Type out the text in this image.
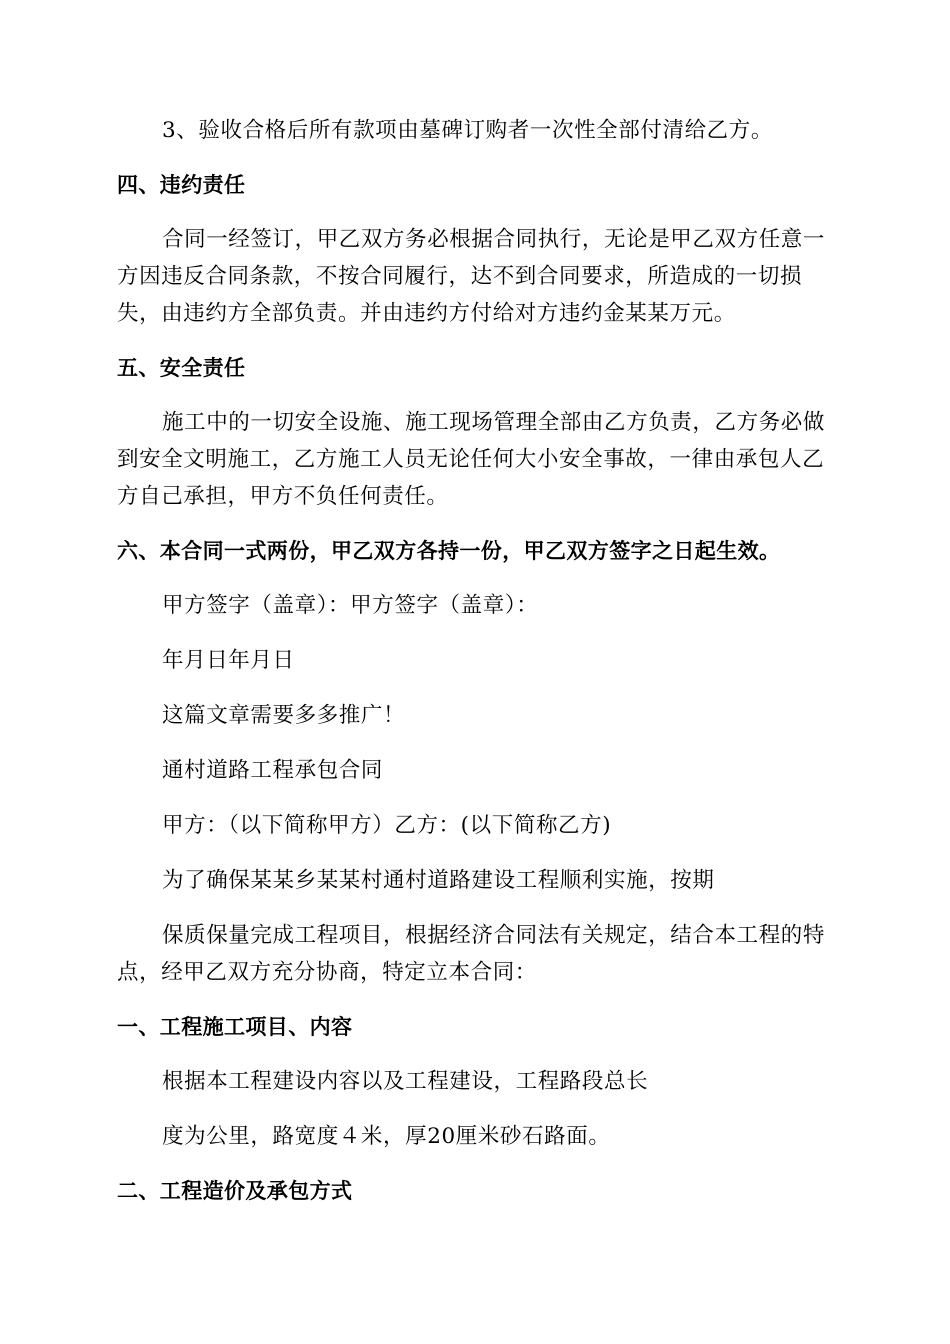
3、验收合格后所有款项由墓碑订购者一次性全部付清给乙方。

四、违约责任

合同一经签订，甲乙双方务必根据合同执行，无论是甲乙双方任意一方因违反合同条款，不按合同履行，达不到合同要求，所造成的一切损失，由违约方全部负责。并由违约方付给对方违约金某某万元。

五、安全责任

施工中的一切安全设施、施工现场管理全部由乙方负责，乙方务必做到安全文明施工，乙方施工人员无论任何大小安全事故，一律由承包人乙方自己承担，甲方不负任何责任。

六、本合同一式两份，甲乙双方各持一份，甲乙双方签字之日起生效。

甲方签字（盖章）：甲方签字（盖章）：

年月日年月日

这篇文章需要多多推广！

通村道路工程承包合同

甲方：（以下简称甲方）乙方：(以下简称乙方)

为了确保某某乡某某村通村道路建设工程顺利实施，按期

保质保量完成工程项目，根据经济合同法有关规定，结合本工程的特点，经甲乙双方充分协商，特定立本合同：

一、工程施工项目、内容

根据本工程建设内容以及工程建设，工程路段总长

度为公里，路宽度４米，厚20厘米砂石路面。

二、工程造价及承包方式
